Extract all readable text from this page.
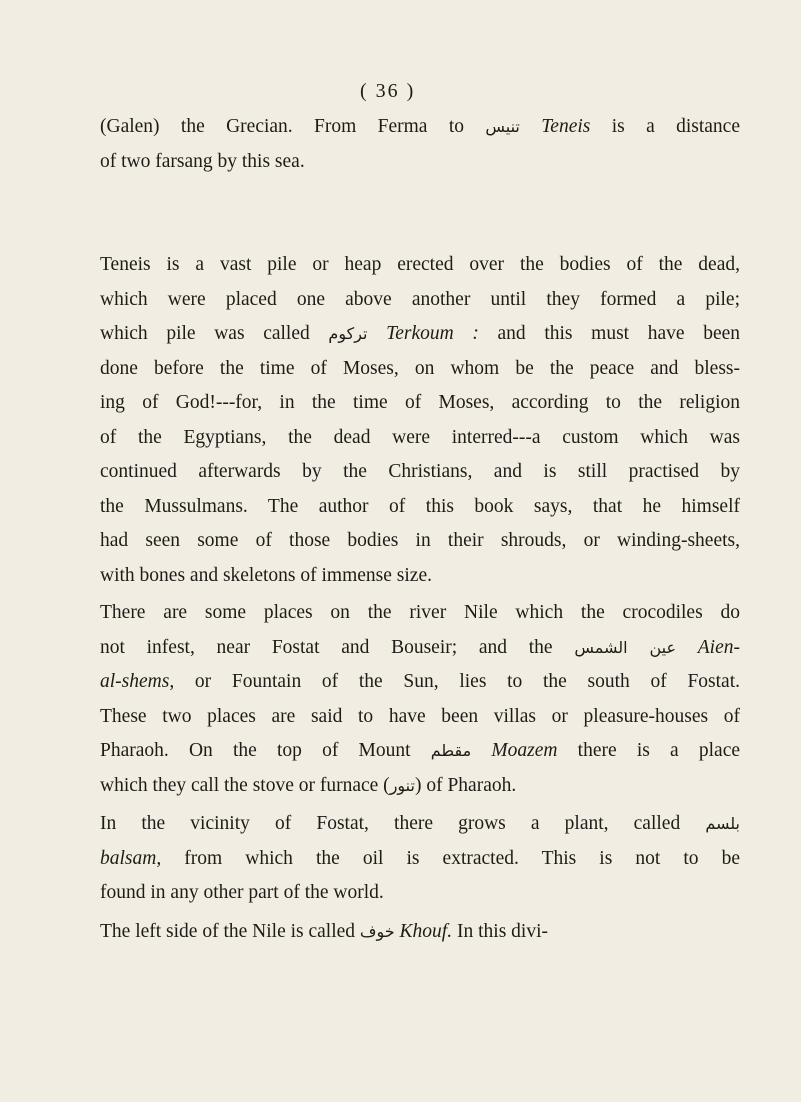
( 36 )
(Galen) the Grecian. From Ferma to تنيس Teneis is a distance
of two farsang by this sea.
Teneis is a vast pile or heap erected over the bodies of the dead,
which were placed one above another until they formed a pile;
which pile was called ترکوم Terkoum : and this must have been
done before the time of Moses, on whom be the peace and bless-
ing of God!---for, in the time of Moses, according to the religion
of the Egyptians, the dead were interred---a custom which was
continued afterwards by the Christians, and is still practised by
the Mussulmans. The author of this book says, that he himself
had seen some of those bodies in their shrouds, or winding-sheets,
with bones and skeletons of immense size.
There are some places on the river Nile which the crocodiles do
not infest, near Fostat and Bouseir; and the عين الشمس Aien-
al-shems, or Fountain of the Sun, lies to the south of Fostat.
These two places are said to have been villas or pleasure-houses of
Pharaoh. On the top of Mount مقطم Moazem there is a place
which they call the stove or furnace (تنور) of Pharaoh.
In the vicinity of Fostat, there grows a plant, called بلسم
balsam, from which the oil is extracted. This is not to be
found in any other part of the world.
The left side of the Nile is called خوف Khouf. In this divi-
